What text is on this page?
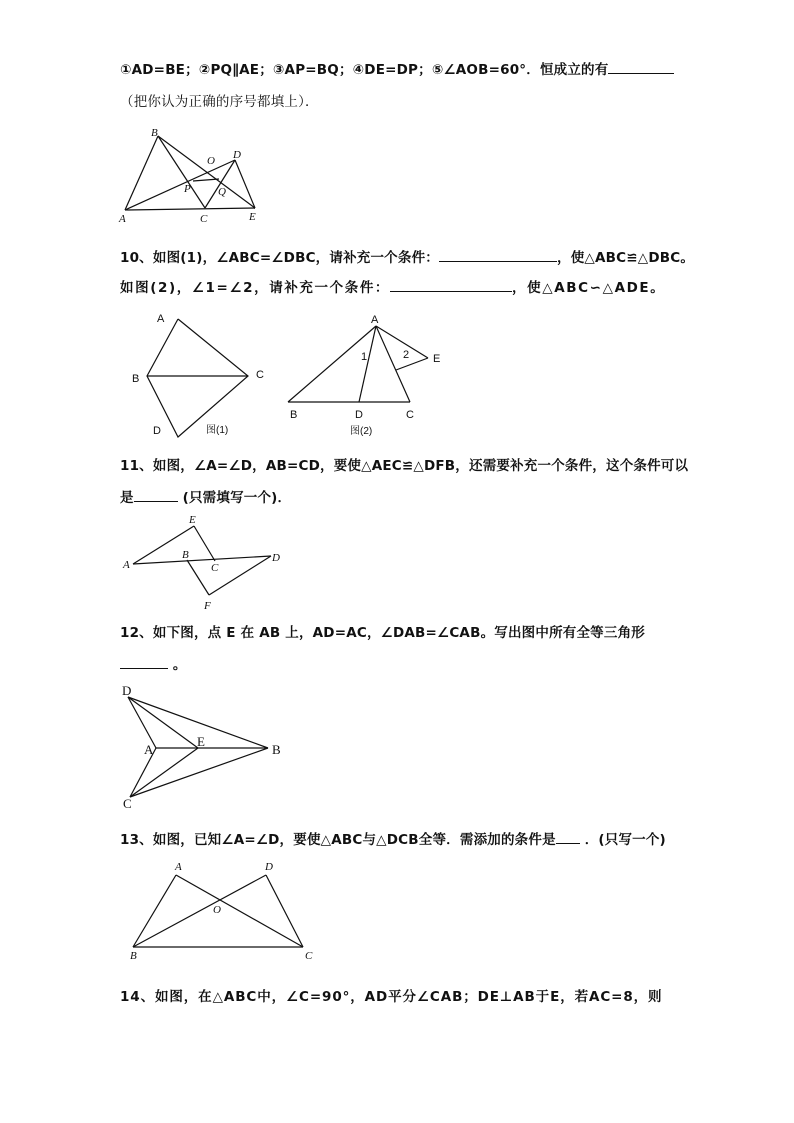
①AD=BE；②PQ∥AE；③AP=BQ；④DE=DP；⑤∠AOB=60°．恒成立的有
（把你认为正确的序号都填上）．
A
B
C
D
E
O
P Q
10、如图(1)，∠ABC=∠DBC，请补充一个条件：	，使△ABC≌△DBC。
如图(2)，∠1=∠2，请补充一个条件：	，使△ABC∽△ADE。
A
B	C
D	图(1)
A
B	C
D
E
1	2
图(2)
11、如图，∠A=∠D，AB=CD，要使△AEC≌△DFB，还需要补充一个条件，这个条件可以
是	(只需填写一个)．
A
B
C
D
E
F
12、如下图，点 E 在 AB 上，AD=AC，∠DAB=∠CAB。写出图中所有全等三角形
。
D
A
E
B
C
13、如图，已知∠A=∠D，要使△ABC与△DCB全等．需添加的条件是 ．(只写一个)
A
B	C
D
O
14、如图，在△ABC中，∠C=90°，AD平分∠CAB；DE⊥AB于E，若AC=8，则
